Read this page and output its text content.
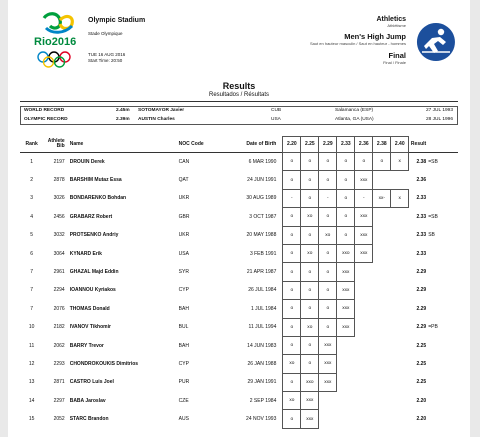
Rio2016
Olympic Stadium
Stade Olympique
TUE 16 AUG 2016
Start Time: 20:50
Athletics
Athlétisme
Men's High Jump
Saut en hauteur masculin / Saut en hauteur - hommes
Final
Final / Finale
Results
Resultados / Résultats
WORLD RECORD	2.45m SOTOMAYOR Javier	CUB	Salamanca (ESP)	27 JUL 1993
OLYMPIC RECORD	2.39m AUSTIN Charles	USA	Atlanta, GA (USA)	28 JUL 1996
Rank	Athlete Bib	Name	NOC Code	Date of Birth	2.20	2.25	2.29	2.33	2.36	2.38	2.40	Result	
1	2197	DROUIN Derek	CAN	6 MAR 1990	o	o	o	o	o	o	x	2.38	=SB
2	2878	BARSHIM Mutaz Essa	QAT	24 JUN 1991	o	o	o	o	xxx			2.36	
3	3026	BONDARENKO Bohdan	UKR	30 AUG 1989	-	o	-	o	-	xx-	x	2.33	
4	2456	GRABARZ Robert	GBR	3 OCT 1987	o	xo	o	o	xxx			2.33	=SB
5	3032	PROTSENKO Andriy	UKR	20 MAY 1988	o	o	xo	o	xxx			2.33	SB
6	3064	KYNARD Erik	USA	3 FEB 1991	o	xo	o	xxo	xxx			2.33	
7	2961	GHAZAL Majd Eddin	SYR	21 APR 1987	o	o	o	xxx				2.29	
7	2294	IOANNOU Kyriakos	CYP	26 JUL 1984	o	o	o	xxx				2.29	
7	2076	THOMAS Donald	BAH	1 JUL 1984	o	o	o	xxx				2.29	
10	2182	IVANOV Tikhomir	BUL	11 JUL 1994	o	xo	o	xxx				2.29	=PB
11	2062	BARRY Trevor	BAH	14 JUN 1983	o	o	xxx					2.25	
12	2293	CHONDROKOUKIS Dimitrios	CYP	26 JAN 1988	xo	o	xxx					2.25	
13	2871	CASTRO Luis Joel	PUR	29 JAN 1991	o	xxo	xxx					2.25	
14	2297	BABA Jaroslav	CZE	2 SEP 1984	xo	xxx						2.20	
15	2052	STARC Brandon	AUS	24 NOV 1993	o	xxx						2.20	
